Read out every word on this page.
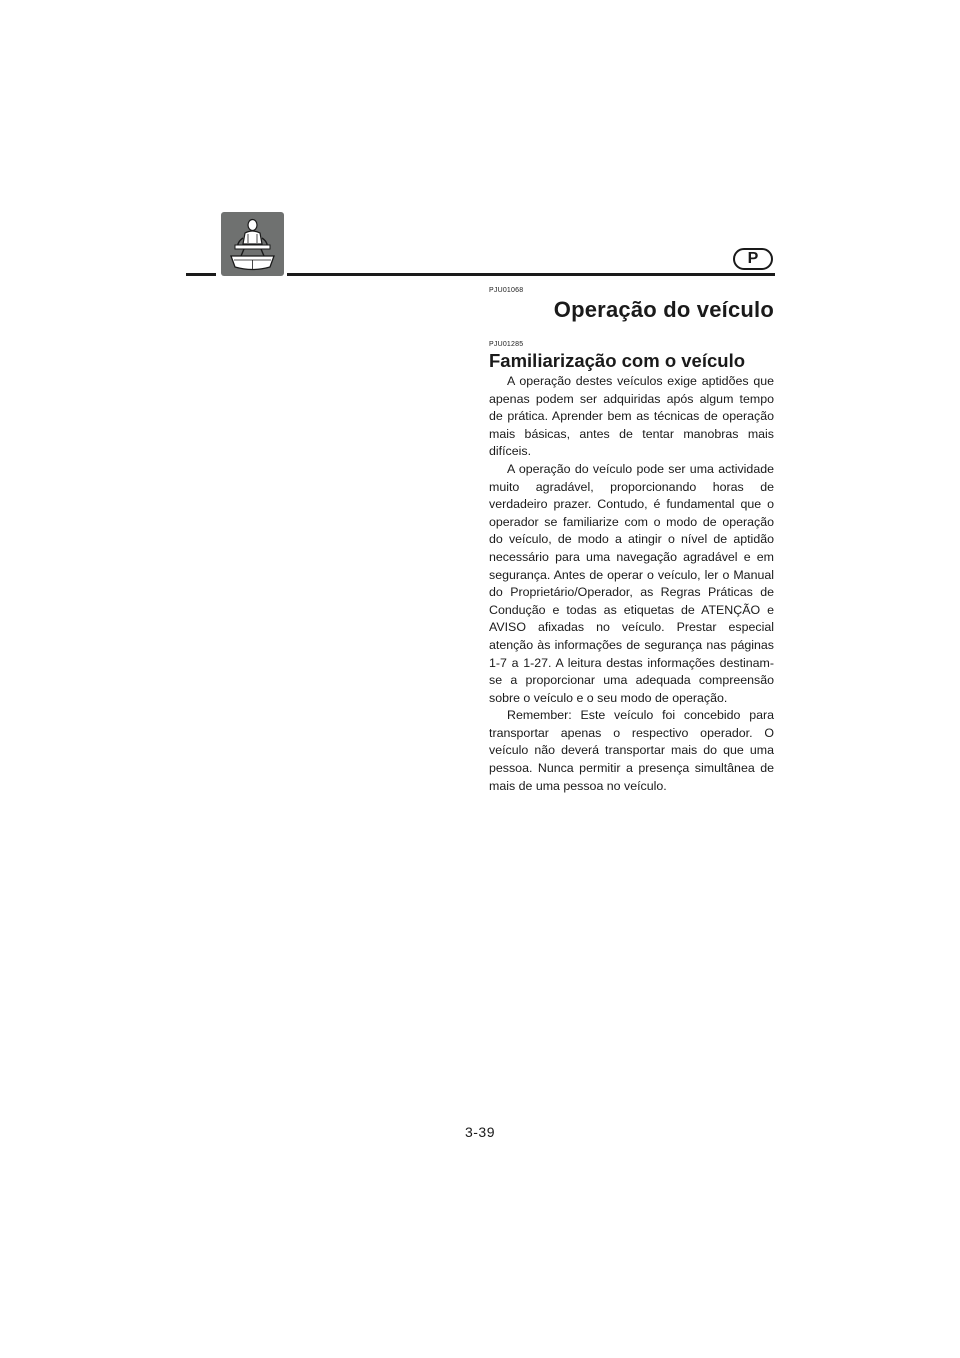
P
PJU01068
Operação do veículo
PJU01285
Familiarização com o veículo

A operação destes veículos exige aptidões que apenas podem ser adquiridas após algum tempo de prática. Aprender bem as técnicas de operação mais básicas, antes de tentar manobras mais difíceis.

A operação do veículo pode ser uma actividade muito agradável, proporcionando horas de verdadeiro prazer. Contudo, é fundamental que o operador se familiarize com o modo de operação do veículo, de modo a atingir o nível de aptidão necessário para uma navegação agradável e em segurança. Antes de operar o veículo, ler o Manual do Proprietário/Operador, as Regras Práticas de Condução e todas as etiquetas de ATENÇÃO e AVISO afixadas no veículo. Prestar especial atenção às informações de segurança nas páginas 1-7 a 1-27. A leitura destas informações destinam-se a proporcionar uma adequada compreensão sobre o veículo e o seu modo de operação.

Remember: Este veículo foi concebido para transportar apenas o respectivo operador. O veículo não deverá transportar mais do que uma pessoa. Nunca permitir a presença simultânea de mais de uma pessoa no veículo.

3-39
